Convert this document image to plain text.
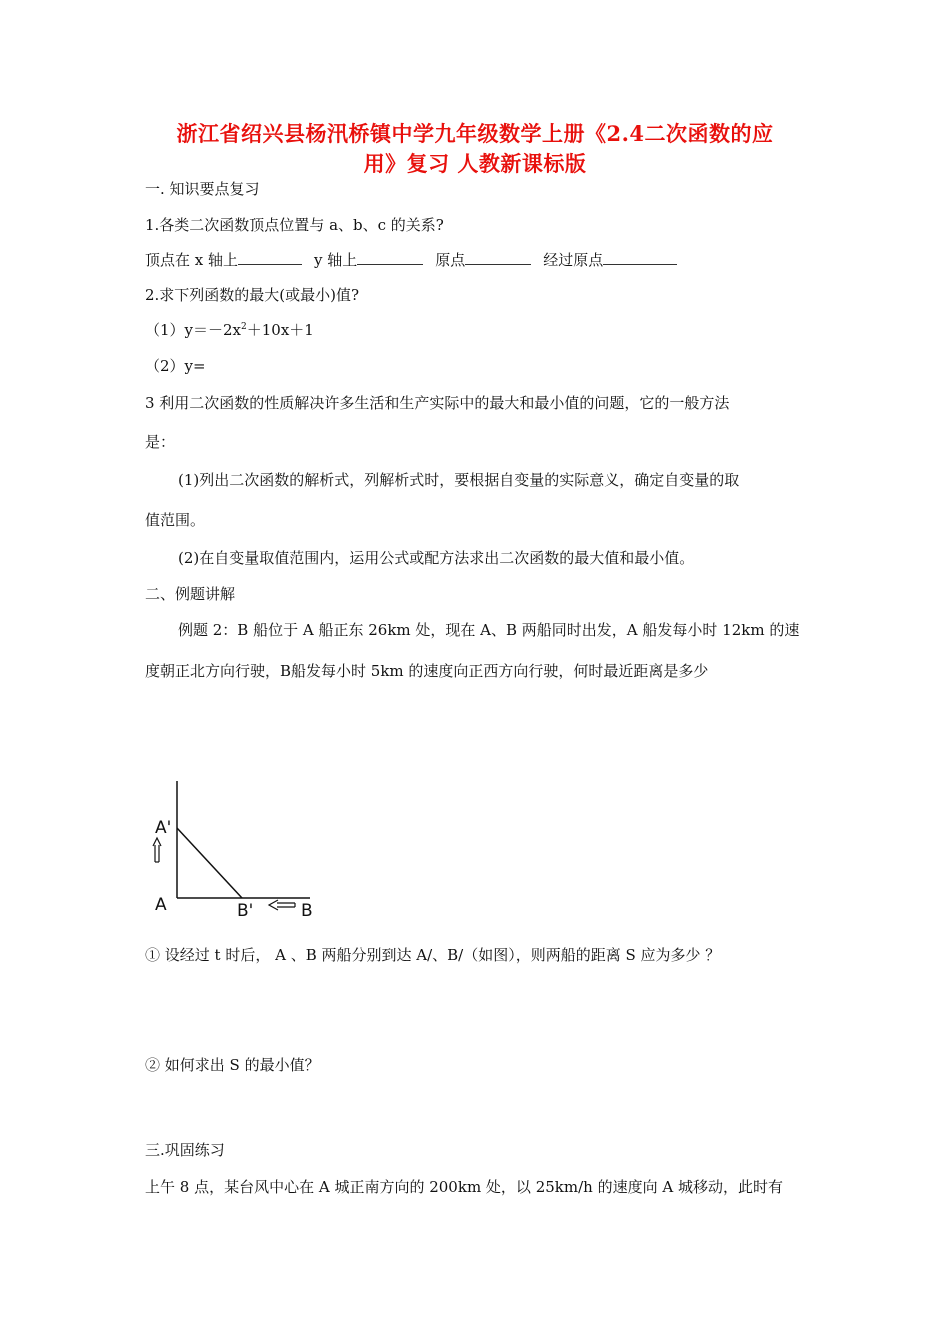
浙江省绍兴县杨汛桥镇中学九年级数学上册《2.4二次函数的应
用》复习 人教新课标版
一. 知识要点复习
1.各类二次函数顶点位置与 a、b、c 的关系?
顶点在 x 轴上	y 轴上	原点	经过原点
2.求下列函数的最大(或最小)值?
$(1)y=-2x^2+10x+1$
（2）y=
3 利用二次函数的性质解决许多生活和生产实际中的最大和最小值的问题，它的一般方法
是：
(1)列出二次函数的解析式，列解析式时，要根据自变量的实际意义，确定自变量的取
值范围。
(2)在自变量取值范围内，运用公式或配方法求出二次函数的最大值和最小值。
二、例题讲解
例题 2：B 船位于 A 船正东 26km 处，现在 A、B 两船同时出发，A 船发每小时 12km 的速
度朝正北方向行驶，B船发每小时 5km 的速度向正西方向行驶，何时最近距离是多少
A'
A	B'	B
① 设经过 t 时后， A 、B 两船分别到达 A/、B/（如图），则两船的距离 S 应为多少 ？
② 如何求出 S 的最小值？
三.巩固练习
上午 8 点，某台风中心在 A 城正南方向的 200km 处，以 25km/h 的速度向 A 城移动，此时有
